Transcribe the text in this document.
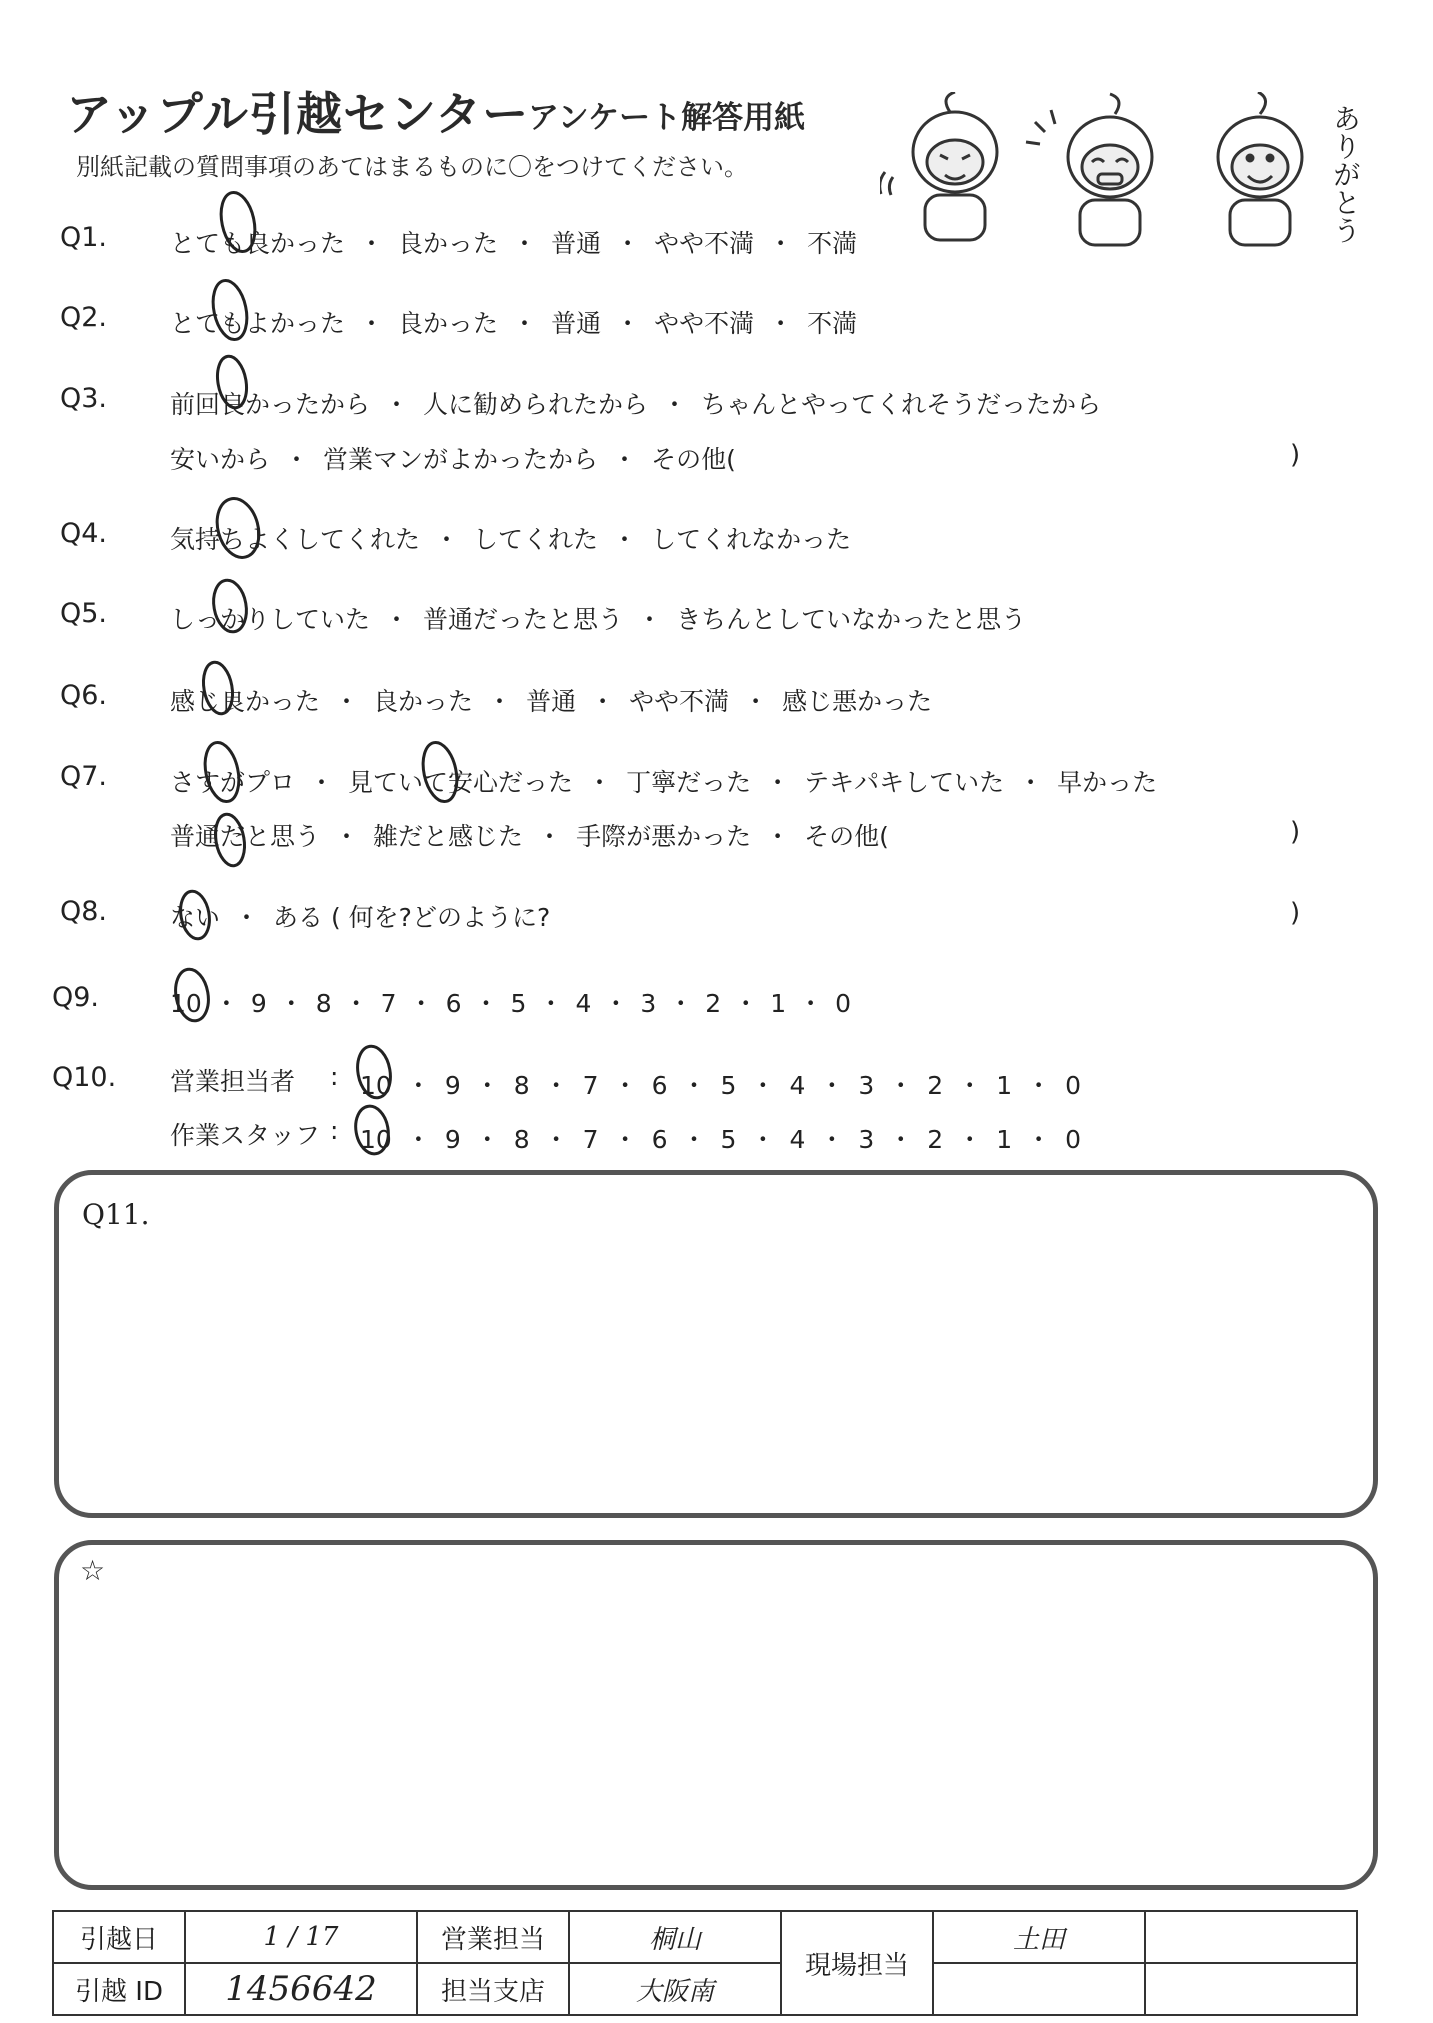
アップル引越センター
アンケート解答用紙
別紙記載の質問事項のあてはまるものに〇をつけてください。	ありがとう
Q1.	とても良かった ・ 良かった ・ 普通 ・ やや不満 ・ 不満
Q2.	とてもよかった ・ 良かった ・ 普通 ・ やや不満 ・ 不満
Q3.	前回良かったから ・ 人に勧められたから ・ ちゃんとやってくれそうだったから
安いから ・ 営業マンがよかったから ・ その他(	)
Q4.	気持ちよくしてくれた ・ してくれた ・ してくれなかった
Q5.	しっかりしていた ・ 普通だったと思う ・ きちんとしていなかったと思う
Q6.	感じ良かった ・ 良かった ・ 普通 ・ やや不満 ・ 感じ悪かった
Q7.	さすがプロ ・ 見ていて安心だった ・ 丁寧だった ・ テキパキしていた ・ 早かった
普通だと思う ・ 雑だと感じた ・ 手際が悪かった ・ その他(	)
Q8.	ない ・ ある ( 何を?どのように?	)
Q9.	10 ・ 9 ・ 8 ・ 7 ・ 6 ・ 5 ・ 4 ・ 3 ・ 2 ・ 1 ・ 0
Q10. 営業担当者 : 10 ・ 9 ・ 8 ・ 7 ・ 6 ・ 5 ・ 4 ・ 3 ・ 2 ・ 1 ・ 0
作業スタッフ : 10 ・ 9 ・ 8 ・ 7 ・ 6 ・ 5 ・ 4 ・ 3 ・ 2 ・ 1 ・ 0
Q11.
☆
引越日	1 / 17	営業担当	桐山	現場担当	土田	
引越 ID	1456642	担当支店	大阪南			
